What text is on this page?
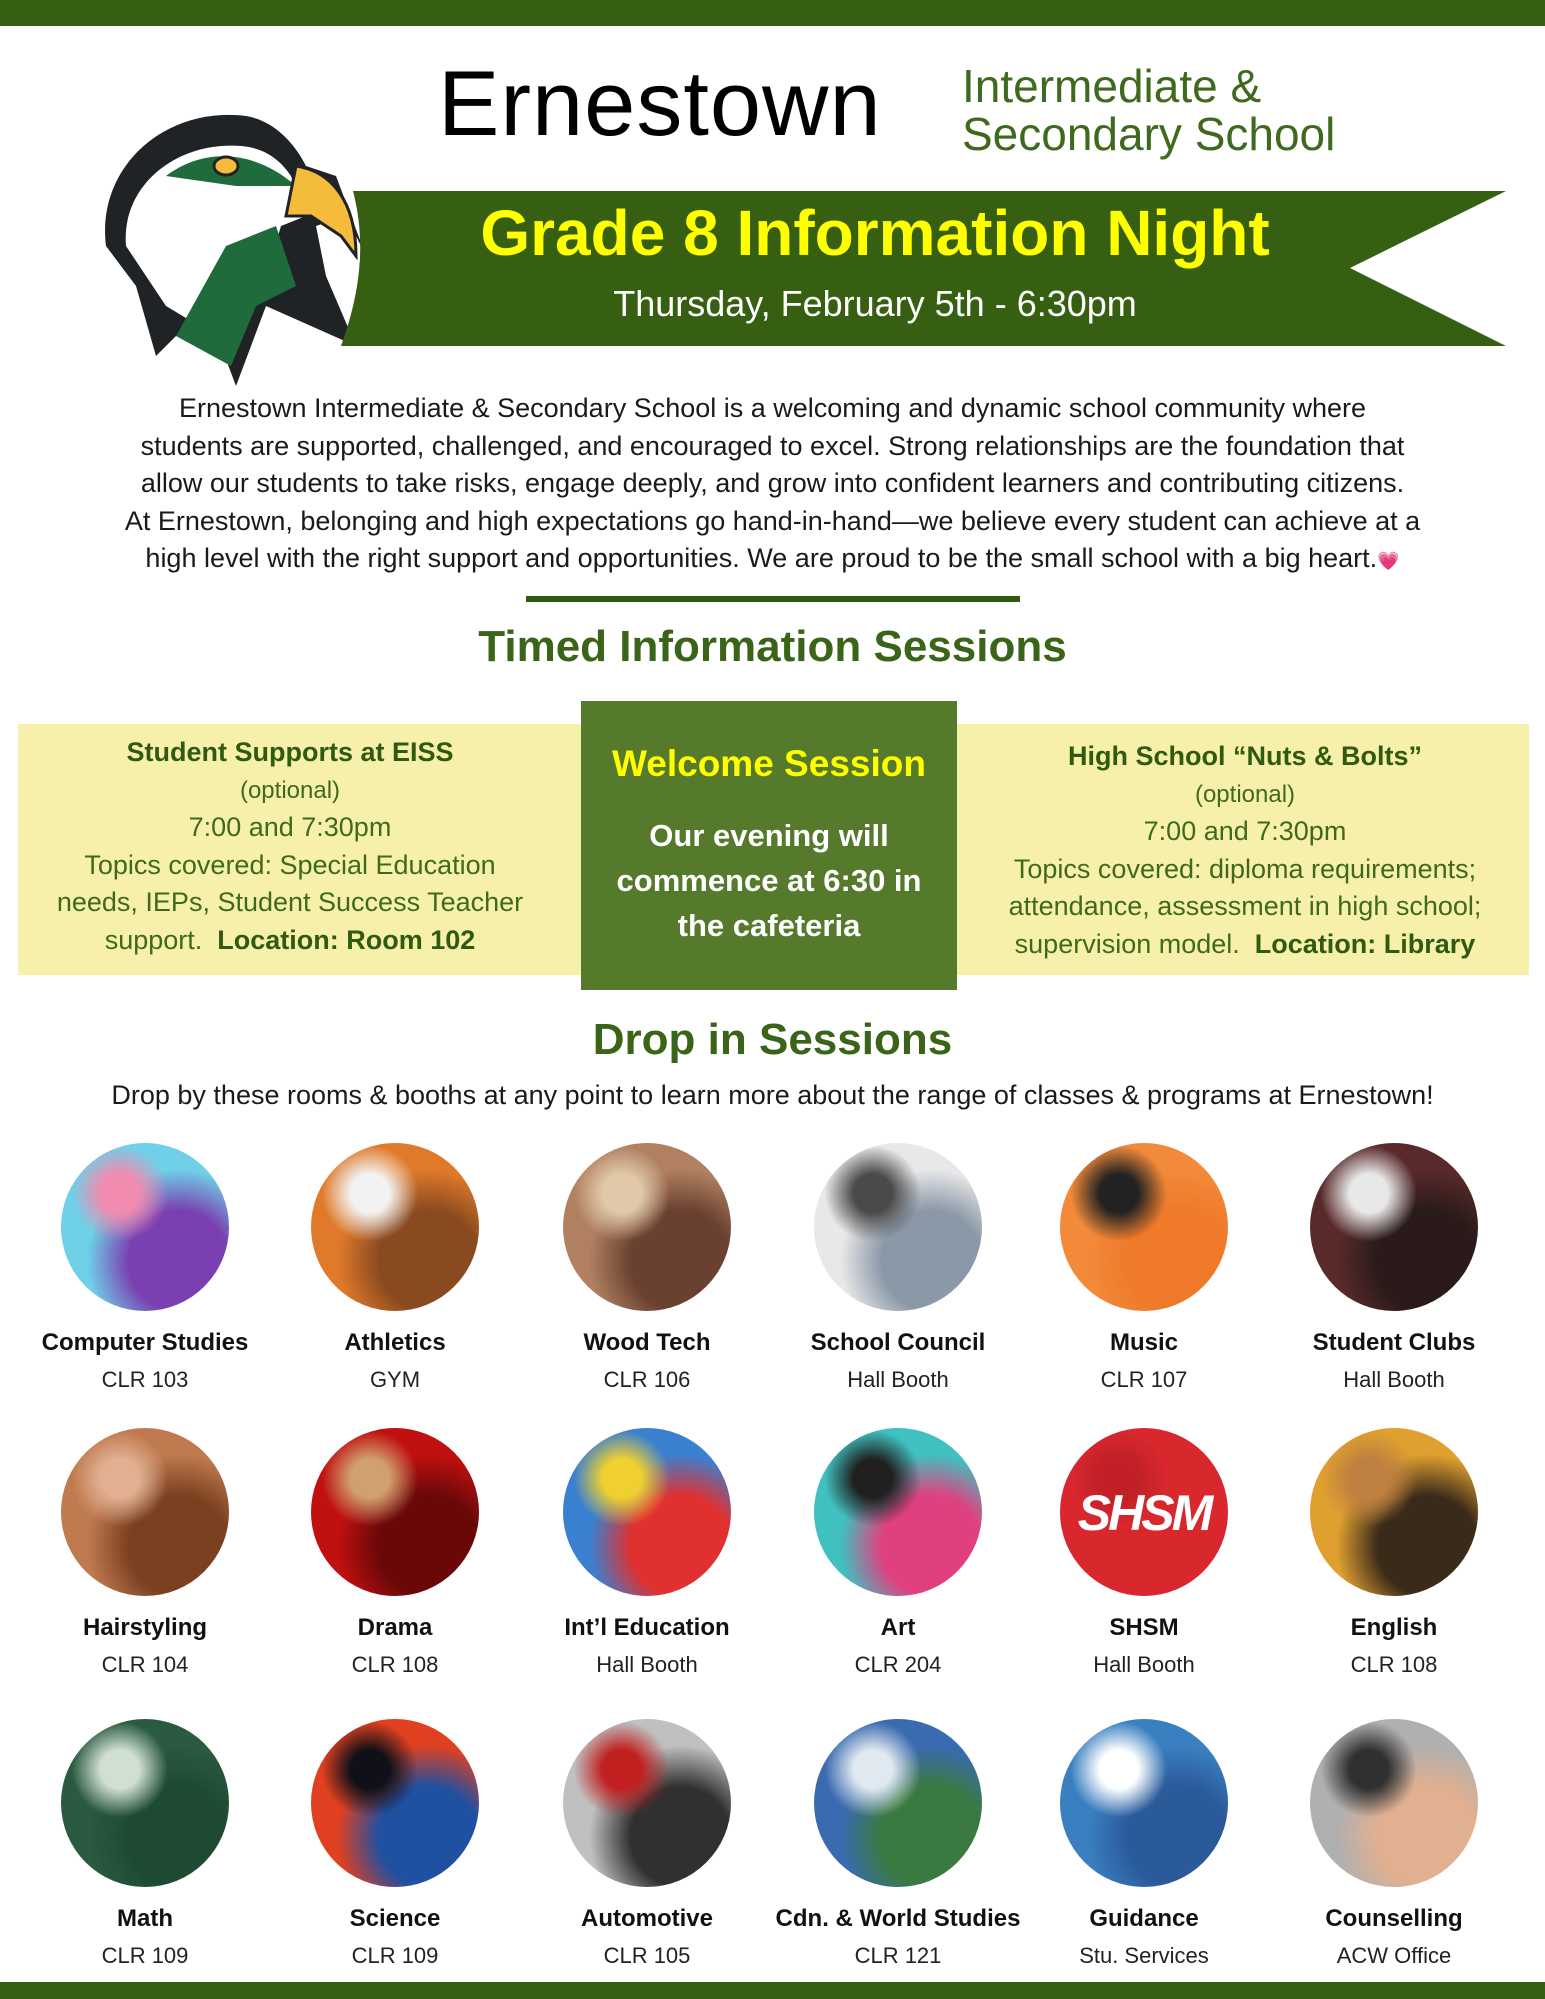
Ernestown Intermediate &
Secondary School
Grade 8 Information Night
Thursday, February 5th - 6:30pm
Ernestown Intermediate & Secondary School is a welcoming and dynamic school community where
students are supported, challenged, and encouraged to excel. Strong relationships are the foundation that
allow our students to take risks, engage deeply, and grow into confident learners and contributing citizens.
At Ernestown, belonging and high expectations go hand-in-hand—we believe every student can achieve at a
high level with the right support and opportunities. We are proud to be the small school with a big heart.💗
Timed Information Sessions
Student Supports at EISS
(optional)
7:00 and 7:30pm
Topics covered: Special Education
needs, IEPs, Student Success Teacher
support. Location: Room 102
Welcome Session
Our evening will
commence at 6:30 in
the cafeteria
High School “Nuts & Bolts”
(optional)
7:00 and 7:30pm
Topics covered: diploma requirements;
attendance, assessment in high school;
supervision model. Location: Library
Drop in Sessions
Drop by these rooms & booths at any point to learn more about the range of classes & programs at Ernestown!
Computer Studies
CLR 103
Athletics
GYM
Wood Tech
CLR 106
School Council
Hall Booth
Music
CLR 107
Student Clubs
Hall Booth
Hairstyling
CLR 104
Drama
CLR 108
Int’l Education
Hall Booth
Art
CLR 204
SHSM
SHSM
Hall Booth
English
CLR 108
Math
CLR 109
Science
CLR 109
Automotive
CLR 105
Cdn. & World Studies
CLR 121
Guidance
Stu. Services
Counselling
ACW Office
